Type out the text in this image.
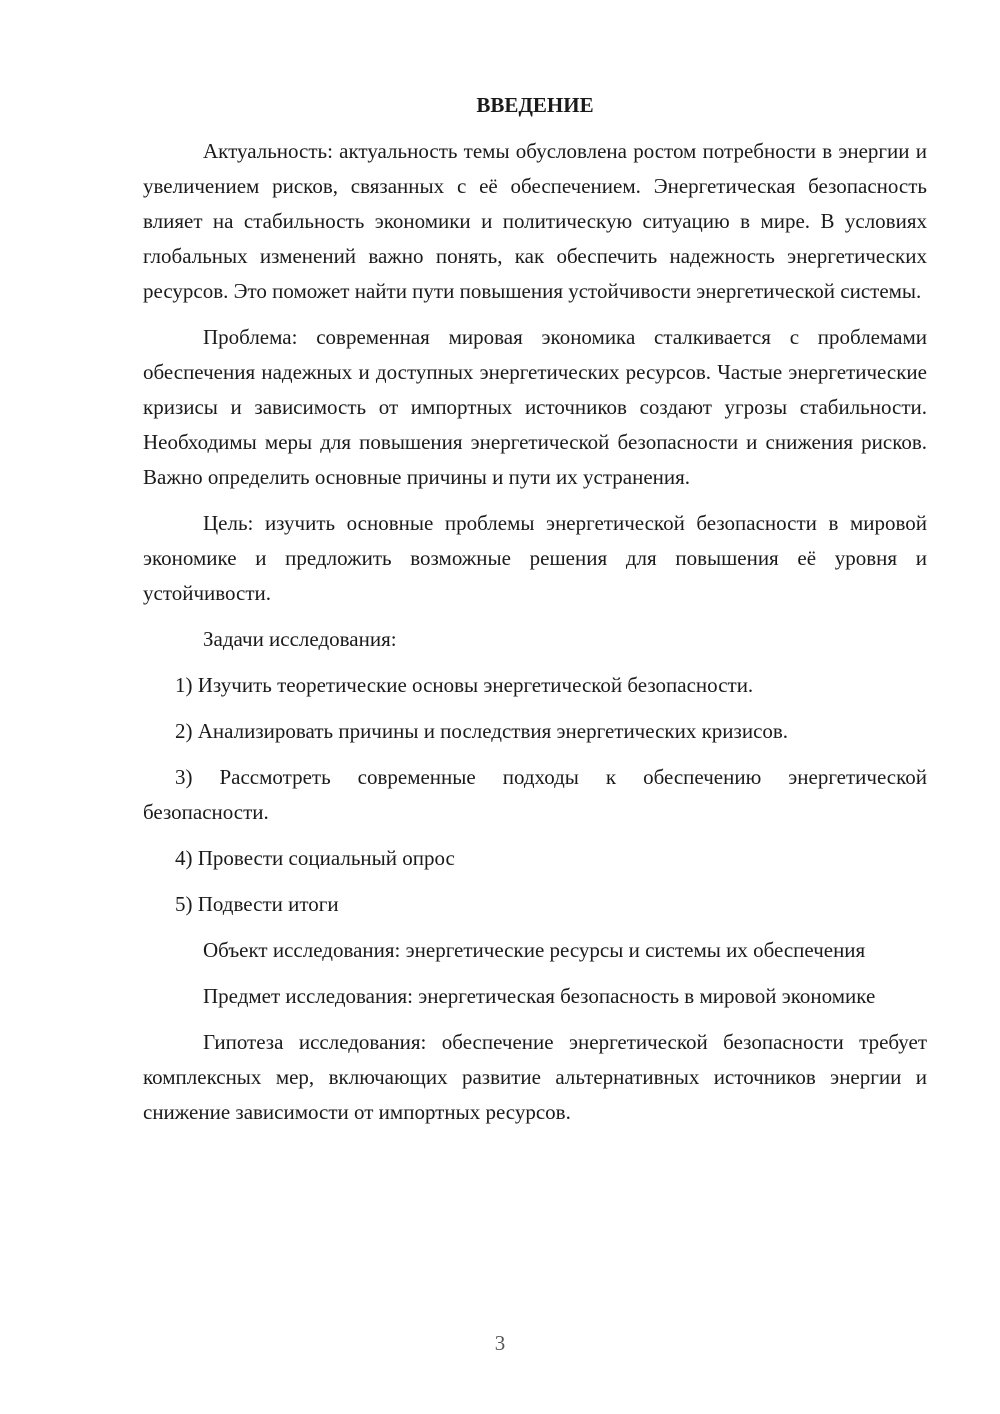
ВВЕДЕНИЕ

Актуальность: актуальность темы обусловлена ростом потребности в энергии и увеличением рисков, связанных с её обеспечением. Энергетическая безопасность влияет на стабильность экономики и политическую ситуацию в мире. В условиях глобальных изменений важно понять, как обеспечить надежность энергетических ресурсов. Это поможет найти пути повышения устойчивости энергетической системы.

Проблема: современная мировая экономика сталкивается с проблемами обеспечения надежных и доступных энергетических ресурсов. Частые энергетические кризисы и зависимость от импортных источников создают угрозы стабильности. Необходимы меры для повышения энергетической безопасности и снижения рисков. Важно определить основные причины и пути их устранения.

Цель: изучить основные проблемы энергетической безопасности в мировой экономике и предложить возможные решения для повышения её уровня и устойчивости.

Задачи исследования:

1) Изучить теоретические основы энергетической безопасности.

2) Анализировать причины и последствия энергетических кризисов.

3) Рассмотреть современные подходы к обеспечению энергетической безопасности.

4) Провести социальный опрос

5) Подвести итоги

Объект исследования: энергетические ресурсы и системы их обеспечения

Предмет исследования: энергетическая безопасность в мировой экономике

Гипотеза исследования: обеспечение энергетической безопасности требует комплексных мер, включающих развитие альтернативных источников энергии и снижение зависимости от импортных ресурсов.

3
